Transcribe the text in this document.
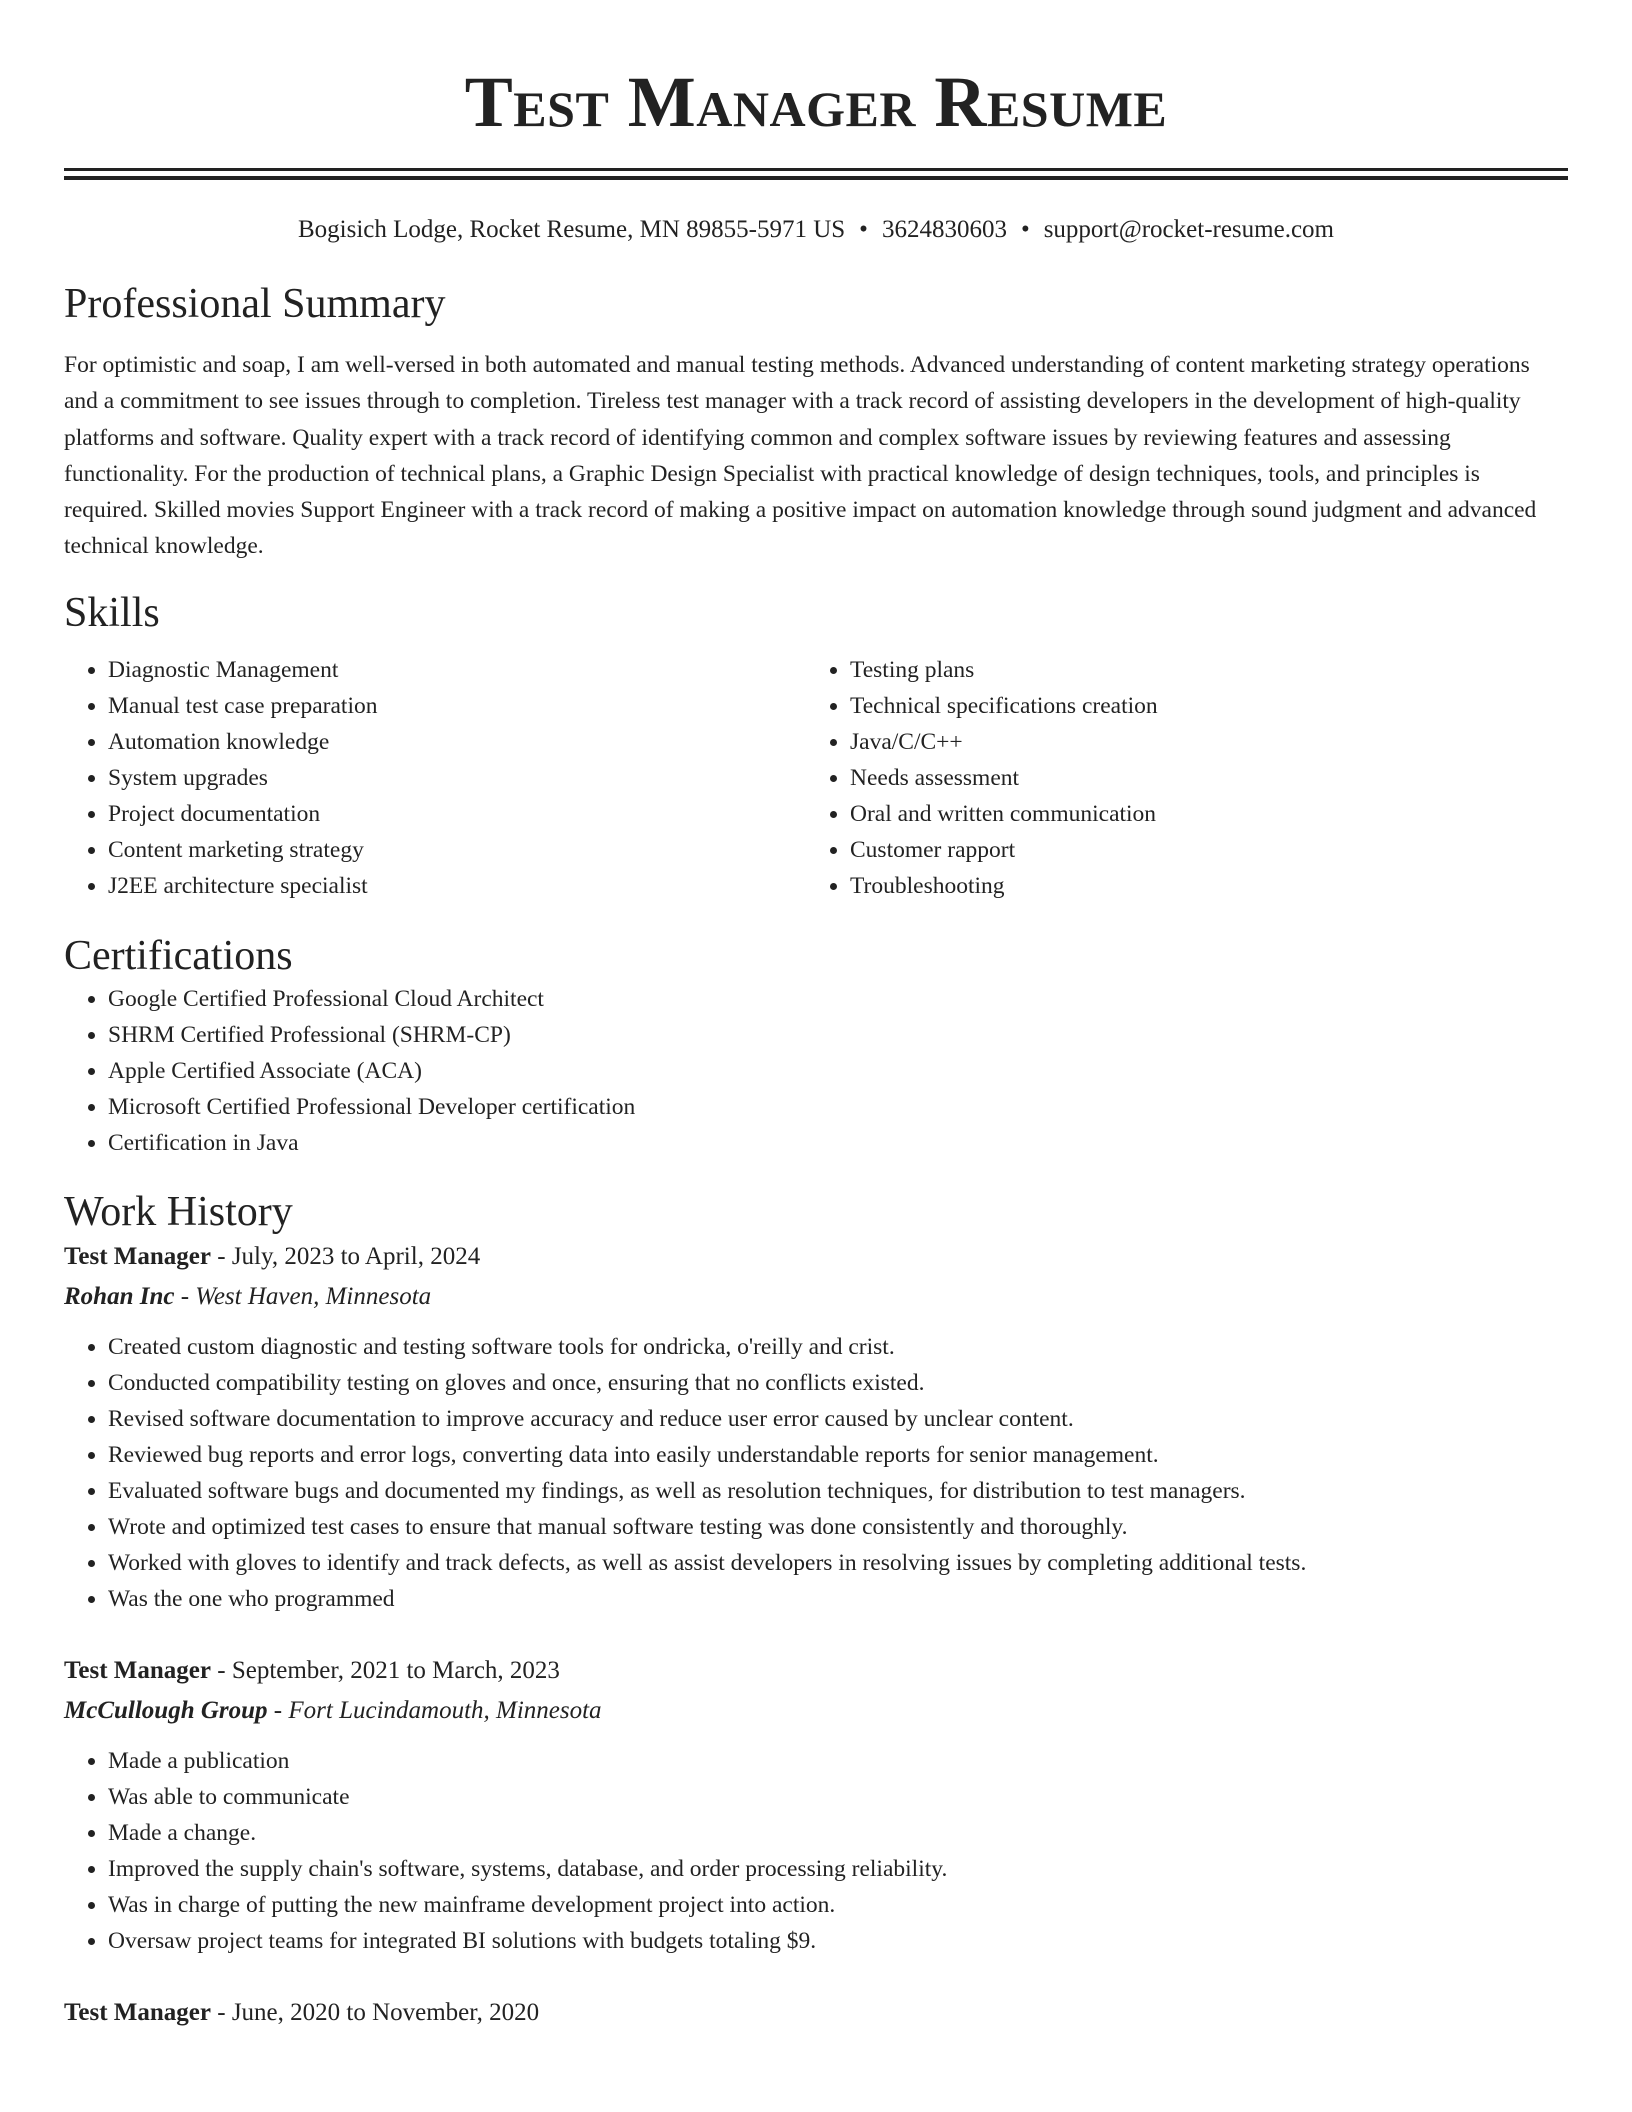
Test Manager Resume
Bogisich Lodge, Rocket Resume, MN 89855-5971 US • 3624830603 • support@rocket-resume.com
Professional Summary
For optimistic and soap, I am well-versed in both automated and manual testing methods. Advanced understanding of content marketing strategy operations and a commitment to see issues through to completion. Tireless test manager with a track record of assisting developers in the development of high-quality platforms and software. Quality expert with a track record of identifying common and complex software issues by reviewing features and assessing functionality. For the production of technical plans, a Graphic Design Specialist with practical knowledge of design techniques, tools, and principles is required. Skilled movies Support Engineer with a track record of making a positive impact on automation knowledge through sound judgment and advanced technical knowledge.
Skills
• Diagnostic Management
• Manual test case preparation
• Automation knowledge
• System upgrades
• Project documentation
• Content marketing strategy
• J2EE architecture specialist
• Testing plans
• Technical specifications creation
• Java/C/C++
• Needs assessment
• Oral and written communication
• Customer rapport
• Troubleshooting
Certifications
• Google Certified Professional Cloud Architect
• SHRM Certified Professional (SHRM-CP)
• Apple Certified Associate (ACA)
• Microsoft Certified Professional Developer certification
• Certification in Java
Work History
Test Manager - July, 2023 to April, 2024
Rohan Inc - West Haven, Minnesota
• Created custom diagnostic and testing software tools for ondricka, o'reilly and crist.
• Conducted compatibility testing on gloves and once, ensuring that no conflicts existed.
• Revised software documentation to improve accuracy and reduce user error caused by unclear content.
• Reviewed bug reports and error logs, converting data into easily understandable reports for senior management.
• Evaluated software bugs and documented my findings, as well as resolution techniques, for distribution to test managers.
• Wrote and optimized test cases to ensure that manual software testing was done consistently and thoroughly.
• Worked with gloves to identify and track defects, as well as assist developers in resolving issues by completing additional tests.
• Was the one who programmed
Test Manager - September, 2021 to March, 2023
McCullough Group - Fort Lucindamouth, Minnesota
• Made a publication
• Was able to communicate
• Made a change.
• Improved the supply chain's software, systems, database, and order processing reliability.
• Was in charge of putting the new mainframe development project into action.
• Oversaw project teams for integrated BI solutions with budgets totaling $9.
Test Manager - June, 2020 to November, 2020
